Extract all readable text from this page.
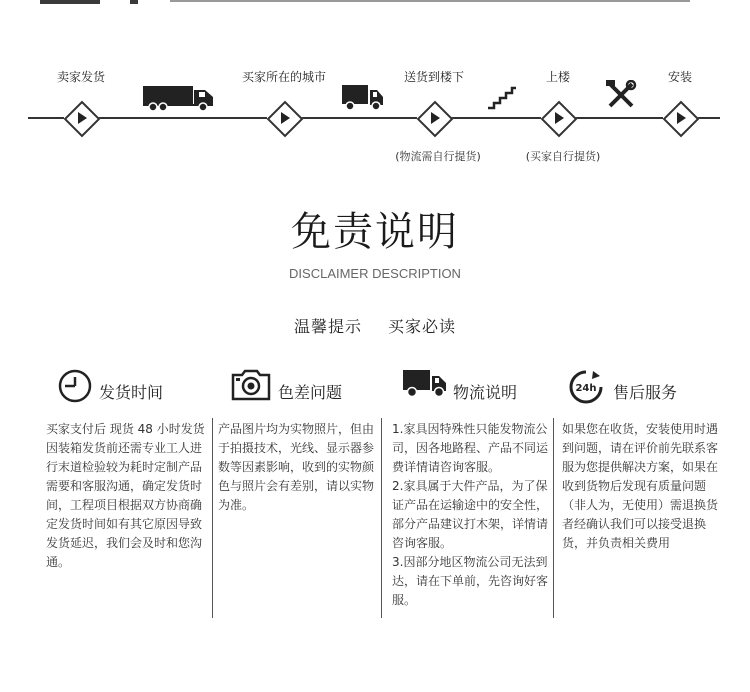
卖家发货	买家所在的城市	送货到楼下	上楼	安装
(物流需自行提货)	(买家自行提货)
免责说明
DISCLAIMER DESCRIPTION
温馨提示 买家必读
发货时间
买家支付后 现货 48 小时发货 因装箱发货前还需专业工人进行末道检验较为耗时定制产品需要和客服沟通，确定发货时间，工程项目根据双方协商确定发货时间如有其它原因导致发货延迟，我们会及时和您沟通。
色差问题
产品图片均为实物照片，但由于拍摄技术，光线、显示器参数等因素影响，收到的实物颜色与照片会有差别，请以实物为准。
物流说明
1.家具因特殊性只能发物流公司，因各地路程、产品不同运费详情请咨询客服。
2.家具属于大件产品，为了保证产品在运输途中的安全性，部分产品建议打木架，详情请咨询客服。
3.因部分地区物流公司无法到达，请在下单前，先咨询好客服。
24h 售后服务
如果您在收货，安装使用时遇到问题，请在评价前先联系客服为您提供解决方案，如果在收到货物后发现有质量问题（非人为，无使用）需退换货者经确认我们可以接受退换货，并负责相关费用
